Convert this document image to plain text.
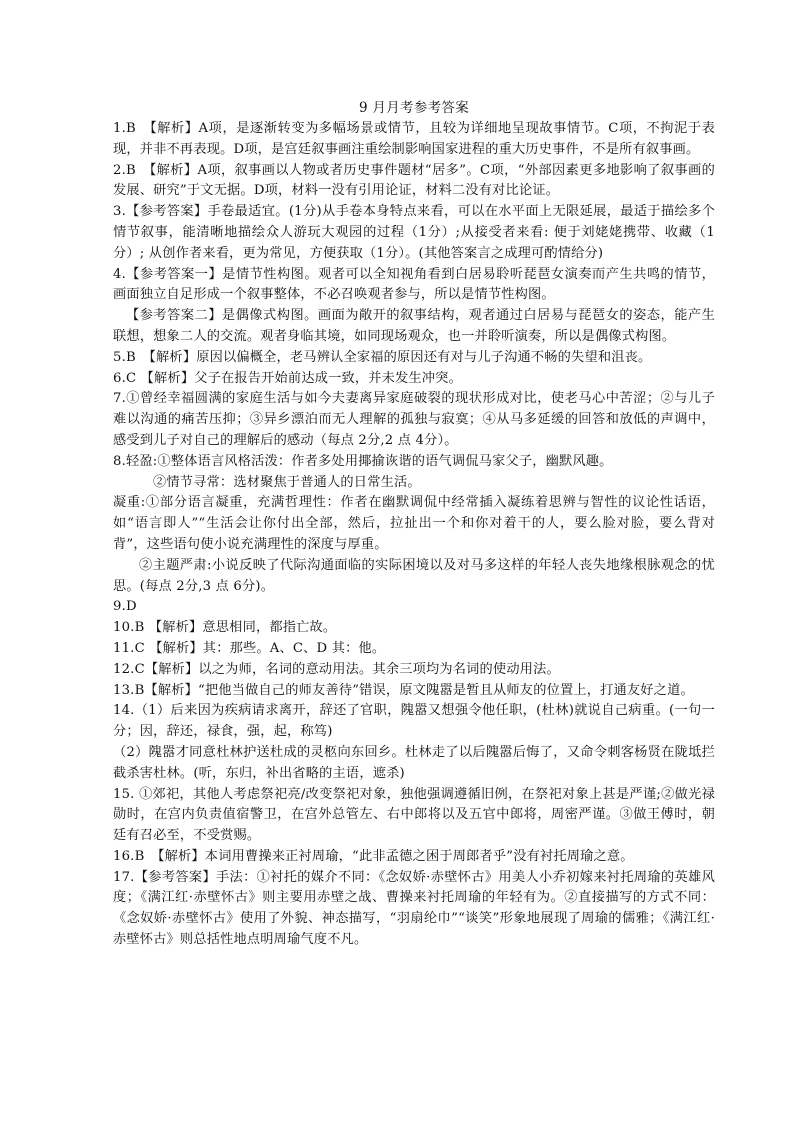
9 月月考参考答案

1.B　【解析】A项，是逐渐转变为多幅场景或情节，且较为详细地呈现故事情节。C项，不拘泥于表现，并非不再表现。D项，是宫廷叙事画注重绘制影响国家进程的重大历史事件，不是所有叙事画。

2.B　【解析】A项，叙事画以人物或者历史事件题材“居多”。C项，“外部因素更多地影响了叙事画的发展、研究”于文无据。D项，材料一没有引用论证，材料二没有对比论证。

3.【参考答案】手卷最适宜。(1分)从手卷本身特点来看，可以在水平面上无限延展，最适于描绘多个情节叙事，能清晰地描绘众人游玩大观园的过程（1分）;从接受者来看: 便于刘姥姥携带、收藏（1分）; 从创作者来看，更为常见，方便获取（1分）。(其他答案言之成理可酌情给分)

4.【参考答案一】是情节性构图。观者可以全知视角看到白居易聆听琵琶女演奏而产生共鸣的情节，画面独立自足形成一个叙事整体，不必召唤观者参与，所以是情节性构图。

【参考答案二】是偶像式构图。画面为敞开的叙事结构，观者通过白居易与琵琶女的姿态，能产生联想，想象二人的交流。观者身临其境，如同现场观众，也一并聆听演奏，所以是偶像式构图。

5.B　【解析】原因以偏概全，老马辨认全家福的原因还有对与儿子沟通不畅的失望和沮丧。

6.C 【解析】父子在报告开始前达成一致，并未发生冲突。

7.①曾经幸福圆满的家庭生活与如今夫妻离异家庭破裂的现状形成对比，使老马心中苦涩；②与儿子难以沟通的痛苦压抑；③异乡漂泊而无人理解的孤独与寂寞；④从马多延缓的回答和放低的声调中，感受到儿子对自己的理解后的感动（每点 2分,2 点 4分）。

8.轻盈:①整体语言风格活泼：作者多处用揶揄诙谐的语气调侃马家父子，幽默风趣。

②情节寻常：选材聚焦于普通人的日常生活。

凝重:①部分语言凝重，充满哲理性：作者在幽默调侃中经常插入凝练着思辨与智性的议论性话语，如“语言即人”“生活会让你付出全部，然后，拉扯出一个和你对着干的人，要么脸对脸，要么背对背”，这些语句使小说充满理性的深度与厚重。

②主题严肃:小说反映了代际沟通面临的实际困境以及对马多这样的年轻人丧失地缘根脉观念的忧思。(每点 2分,3 点 6分)。

9.D

10.B 【解析】意思相同，都指亡故。

11.C 【解析】其：那些。A、C、D 其：他。

12.C【解析】以之为师，名词的意动用法。其余三项均为名词的使动用法。

13.B【解析】“把他当做自己的师友善待”错误，原文隗嚣是暂且从师友的位置上，打通友好之道。

14.（1）后来因为疾病请求离开，辞还了官职，隗嚣又想强令他任职，(杜林)就说自己病重。(一句一分；因，辞还，禄食，强，起，称笃)

（2）隗嚣才同意杜林护送杜成的灵柩向东回乡。杜林走了以后隗嚣后悔了，又命令刺客杨贤在陇坻拦截杀害杜林。(听，东归，补出省略的主语，遮杀)

15. ①郊祀，其他人考虑祭祀亮/改变祭祀对象，独他强调遵循旧例，在祭祀对象上甚是严谨;②做光禄勋时，在宫内负责值宿警卫，在宫外总管左、右中郎将以及五官中郎将，周密严谨。③做王傅时，朝廷有召必至，不受赏赐。

16.B　【解析】本词用曹操来正衬周瑜，“此非孟德之困于周郎者乎”没有衬托周瑜之意。

17.【参考答案】手法：①衬托的媒介不同：《念奴娇·赤壁怀古》用美人小乔初嫁来衬托周瑜的英雄风度；《满江红·赤壁怀古》则主要用赤壁之战、曹操来衬托周瑜的年轻有为。②直接描写的方式不同：《念奴娇·赤壁怀古》使用了外貌、神态描写，“羽扇纶巾”“谈笑”形象地展现了周瑜的儒雅；《满江红·赤壁怀古》则总括性地点明周瑜气度不凡。
